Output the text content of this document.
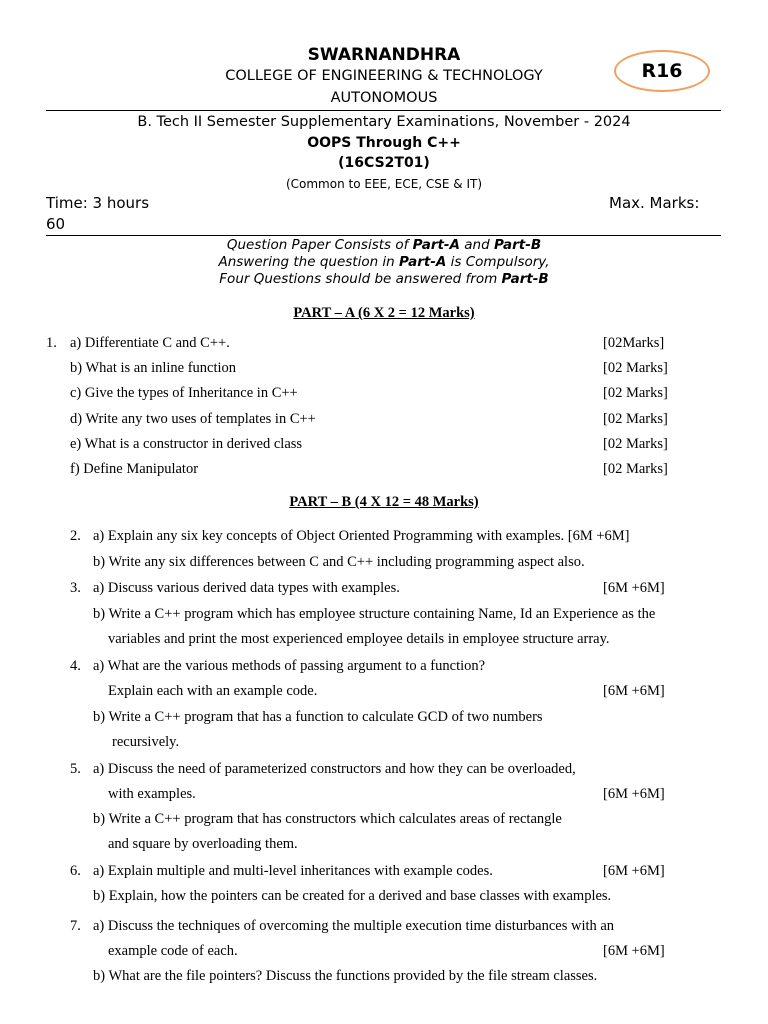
SWARNANDHRA
COLLEGE OF ENGINEERING & TECHNOLOGY
AUTONOMOUS
R16
B. Tech II Semester Supplementary Examinations, November - 2024
OOPS Through C++
(16CS2T01)
(Common to EEE, ECE, CSE & IT)
Time: 3 hours	Max. Marks:
60
Question Paper Consists of Part-A and Part-B
Answering the question in Part-A is Compulsory,
Four Questions should be answered from Part-B
PART – A (6 X 2 = 12 Marks)
1. a) Differentiate C and C++.	[02Marks]
b) What is an inline function	[02 Marks]
c) Give the types of Inheritance in C++	[02 Marks]
d) Write any two uses of templates in C++	[02 Marks]
e) What is a constructor in derived class	[02 Marks]
f) Define Manipulator	[02 Marks]
PART – B (4 X 12 = 48 Marks)
2. a) Explain any six key concepts of Object Oriented Programming with examples. [6M +6M]
b) Write any six differences between C and C++ including programming aspect also.
3. a) Discuss various derived data types with examples.	[6M +6M]
b) Write a C++ program which has employee structure containing Name, Id an Experience as the
variables and print the most experienced employee details in employee structure array.
4. a) What are the various methods of passing argument to a function?
Explain each with an example code.	[6M +6M]
b) Write a C++ program that has a function to calculate GCD of two numbers
recursively.
5. a) Discuss the need of parameterized constructors and how they can be overloaded,
with examples.	[6M +6M]
b) Write a C++ program that has constructors which calculates areas of rectangle
and square by overloading them.
6. a) Explain multiple and multi-level inheritances with example codes.	[6M +6M]
b) Explain, how the pointers can be created for a derived and base classes with examples.
7. a) Discuss the techniques of overcoming the multiple execution time disturbances with an
example code of each.	[6M +6M]
b) What are the file pointers? Discuss the functions provided by the file stream classes.
